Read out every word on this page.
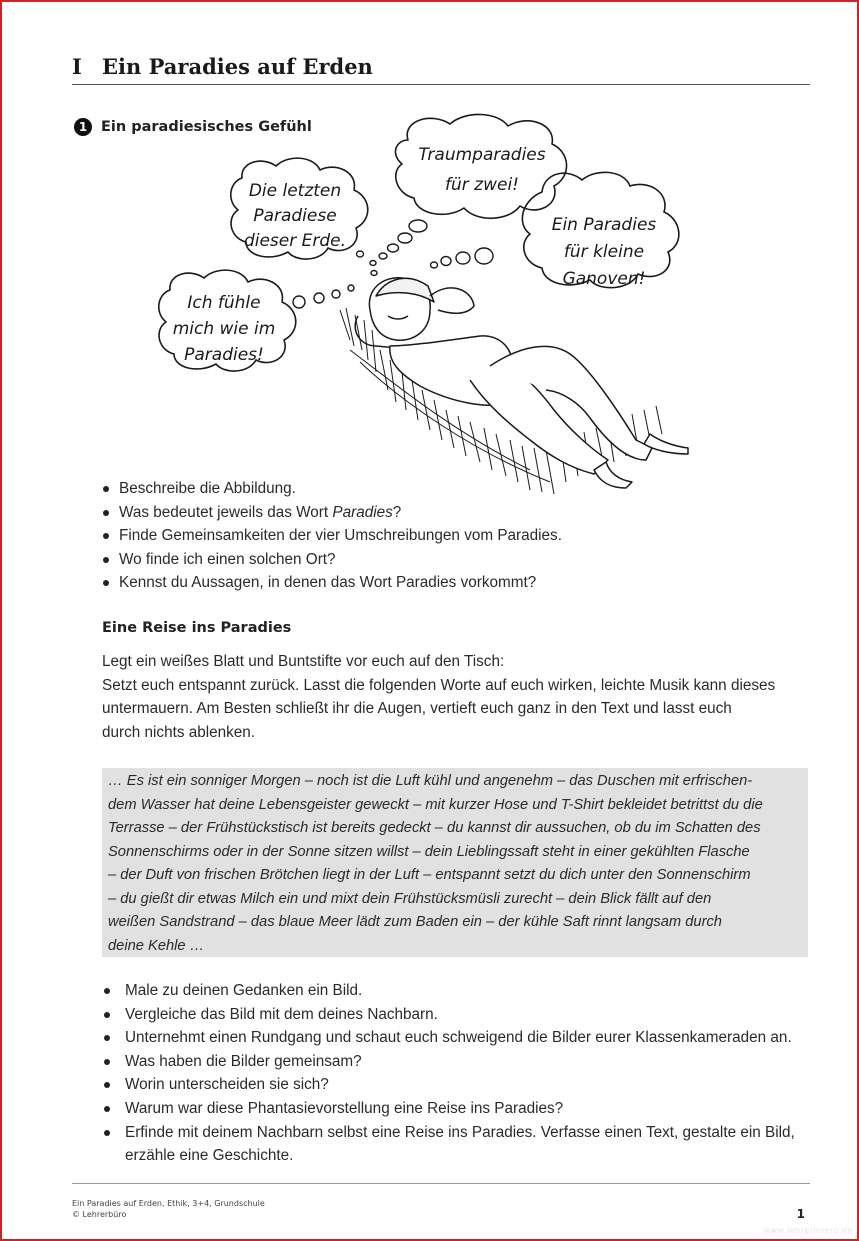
I Ein Paradies auf Erden
1 Ein paradiesisches Gefühl
Traumparadies für zwei!
Die letzten Paradiese dieser Erde.
Ein Paradies für kleine Ganoven!
Ich fühle mich wie im Paradies!
Beschreibe die Abbildung.
Was bedeutet jeweils das Wort Paradies?
Finde Gemeinsamkeiten der vier Umschreibungen vom Paradies.
Wo finde ich einen solchen Ort?
Kennst du Aussagen, in denen das Wort Paradies vorkommt?
Eine Reise ins Paradies

Legt ein weißes Blatt und Buntstifte vor euch auf den Tisch:

Setzt euch entspannt zurück. Lasst die folgenden Worte auf euch wirken, leichte Musik kann dieses

untermauern. Am Besten schließt ihr die Augen, vertieft euch ganz in den Text und lasst euch

durch nichts ablenken.

… Es ist ein sonniger Morgen – noch ist die Luft kühl und angenehm – das Duschen mit erfrischen-
dem Wasser hat deine Lebensgeister geweckt – mit kurzer Hose und T-Shirt bekleidet betrittst du die
Terrasse – der Frühstückstisch ist bereits gedeckt – du kannst dir aussuchen, ob du im Schatten des
Sonnenschirms oder in der Sonne sitzen willst – dein Lieblingssaft steht in einer gekühlten Flasche
– der Duft von frischen Brötchen liegt in der Luft – entspannt setzt du dich unter den Sonnenschirm
– du gießt dir etwas Milch ein und mixt dein Frühstücksmüsli zurecht – dein Blick fällt auf den
weißen Sandstrand – das blaue Meer lädt zum Baden ein – der kühle Saft rinnt langsam durch
deine Kehle …
Male zu deinen Gedanken ein Bild.
Vergleiche das Bild mit dem deines Nachbarn.
Unternehmt einen Rundgang und schaut euch schweigend die Bilder eurer Klassenkameraden an.
Was haben die Bilder gemeinsam?
Worin unterscheiden sie sich?
Warum war diese Phantasievorstellung eine Reise ins Paradies?
Erfinde mit deinem Nachbarn selbst eine Reise ins Paradies. Verfasse einen Text, gestalte ein Bild, erzähle eine Geschichte.
Ein Paradies auf Erden, Ethik, 3+4, Grundschule
© Lehrerbüro	1
www.lehrerbuero.de
